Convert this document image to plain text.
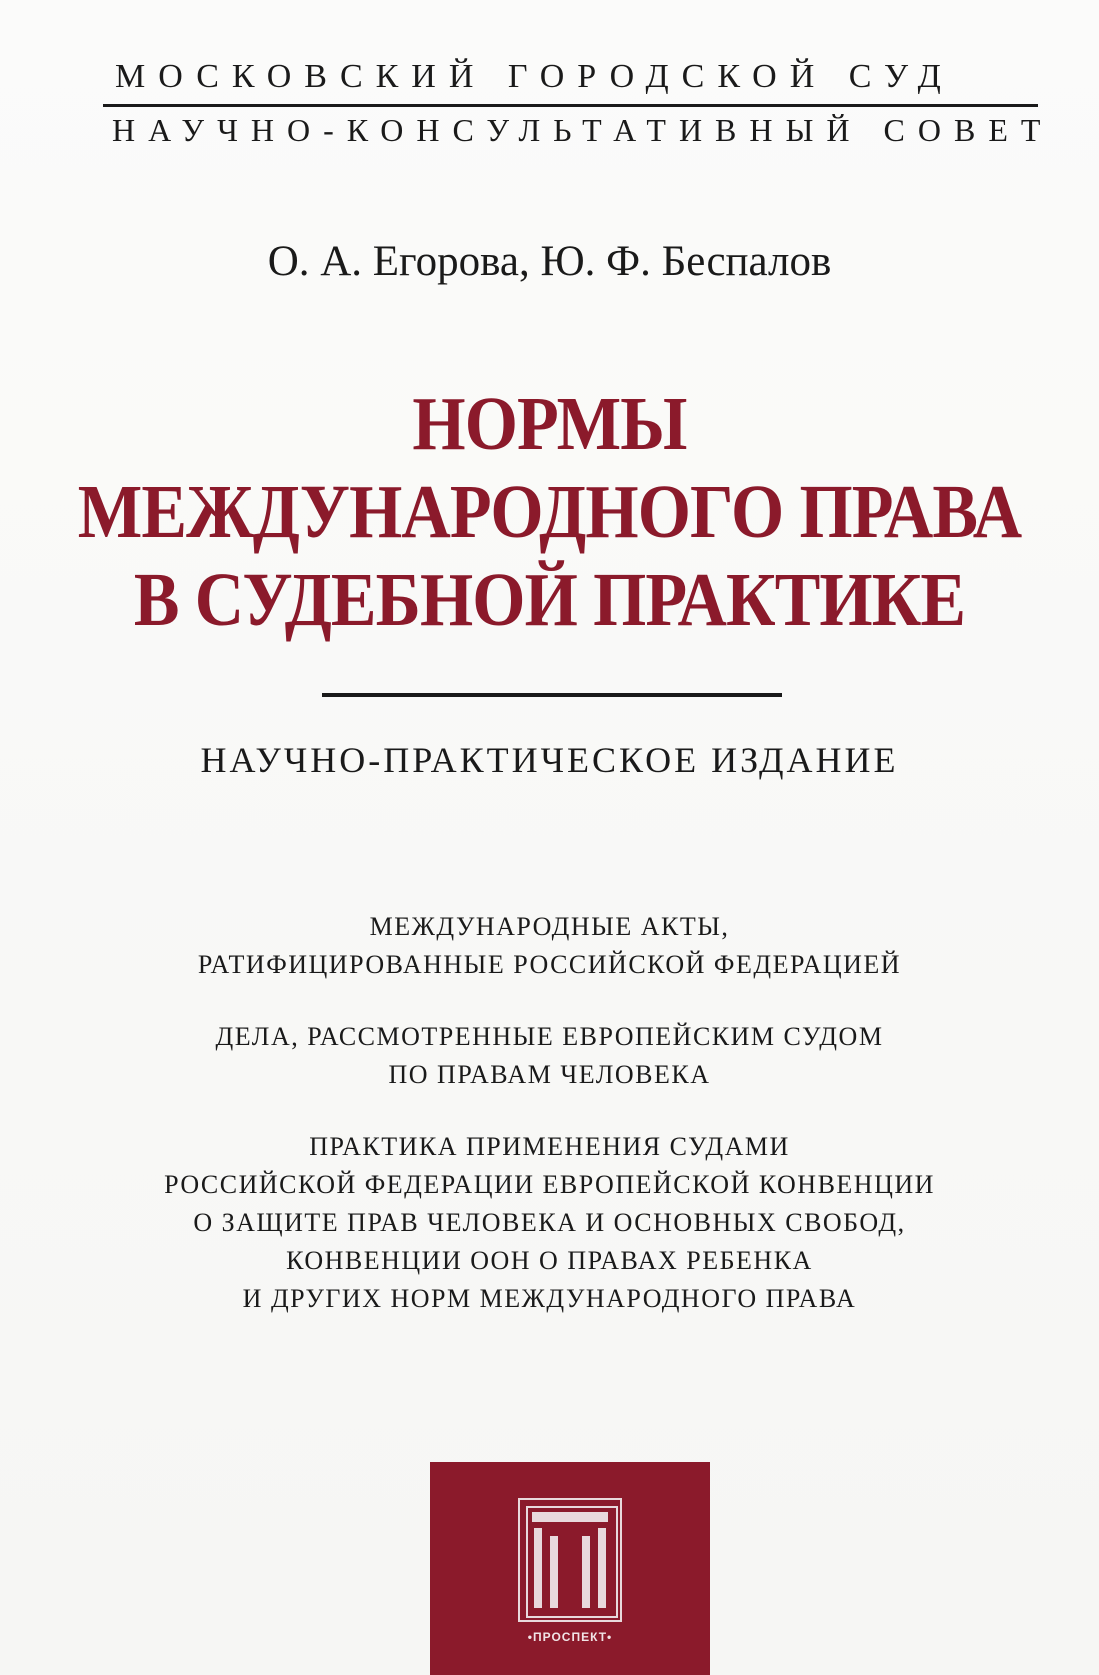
МОСКОВСКИЙ ГОРОДСКОЙ СУД
НАУЧНО-КОНСУЛЬТАТИВНЫЙ СОВЕТ
О. А. Егорова, Ю. Ф. Беспалов
НОРМЫ
МЕЖДУНАРОДНОГО ПРАВА
В СУДЕБНОЙ ПРАКТИКЕ
НАУЧНО-ПРАКТИЧЕСКОЕ ИЗДАНИЕ
МЕЖДУНАРОДНЫЕ АКТЫ,
РАТИФИЦИРОВАННЫЕ РОССИЙСКОЙ ФЕДЕРАЦИЕЙ
ДЕЛА, РАССМОТРЕННЫЕ ЕВРОПЕЙСКИМ СУДОМ
ПО ПРАВАМ ЧЕЛОВЕКА
ПРАКТИКА ПРИМЕНЕНИЯ СУДАМИ
РОССИЙСКОЙ ФЕДЕРАЦИИ ЕВРОПЕЙСКОЙ КОНВЕНЦИИ
О ЗАЩИТЕ ПРАВ ЧЕЛОВЕКА И ОСНОВНЫХ СВОБОД,
КОНВЕНЦИИ ООН О ПРАВАХ РЕБЕНКА
И ДРУГИХ НОРМ МЕЖДУНАРОДНОГО ПРАВА
•ПРОСПЕКТ•
